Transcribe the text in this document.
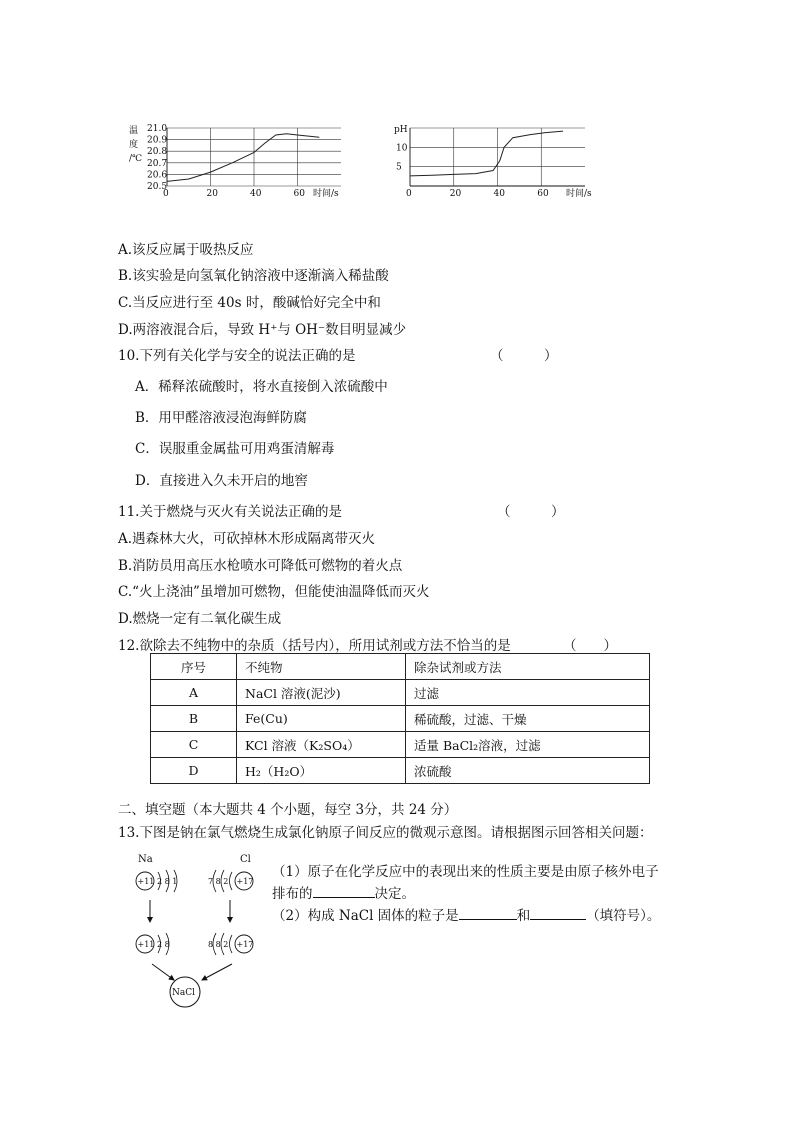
温
度
/℃
21.0
20.9
20.8
20.7
20.6
20.5
0	20	40	60 时间/s
pH
10
5
0	20	40	60 时间/s
A.该反应属于吸热反应
B.该实验是向氢氧化钠溶液中逐渐滴入稀盐酸
C.当反应进行至 40s 时，酸碱恰好完全中和
D.两溶液混合后，导致 H⁺与 OH⁻数目明显减少
10.下列有关化学与安全的说法正确的是	（　　　）
A．稀释浓硫酸时，将水直接倒入浓硫酸中
B．用甲醛溶液浸泡海鲜防腐
C．误服重金属盐可用鸡蛋清解毒
D．直接进入久未开启的地窖
11.关于燃烧与灭火有关说法正确的是	（　　　）
A.遇森林大火，可砍掉林木形成隔离带灭火
B.消防员用高压水枪喷水可降低可燃物的着火点
C.“火上浇油”虽增加可燃物，但能使油温降低而灭火
D.燃烧一定有二氧化碳生成
12.欲除去不纯物中的杂质（括号内），所用试剂或方法不恰当的是	（　　）
序号	不纯物	除杂试剂或方法
A	NaCl 溶液(泥沙)	过滤
B	Fe(Cu)	稀硫酸，过滤、干燥
C	KCl 溶液（K₂SO₄）	适量 BaCl₂溶液，过滤
D	H₂（H₂O）	浓硫酸
二、填空题（本大题共 4 个小题，每空 3分，共 24 分）
13.下图是钠在氯气燃烧生成氯化钠原子间反应的微观示意图。请根据图示回答相关问题：
（1）原子在化学反应中的表现出来的性质主要是由原子核外电子
排布的	决定。
（2）构成 NaCl 固体的粒子是	和	（填符号）。
Na	Cl
+11 2 8 1	7 8 2 +17
+11 2 8	8 8 2 +17
NaCl
